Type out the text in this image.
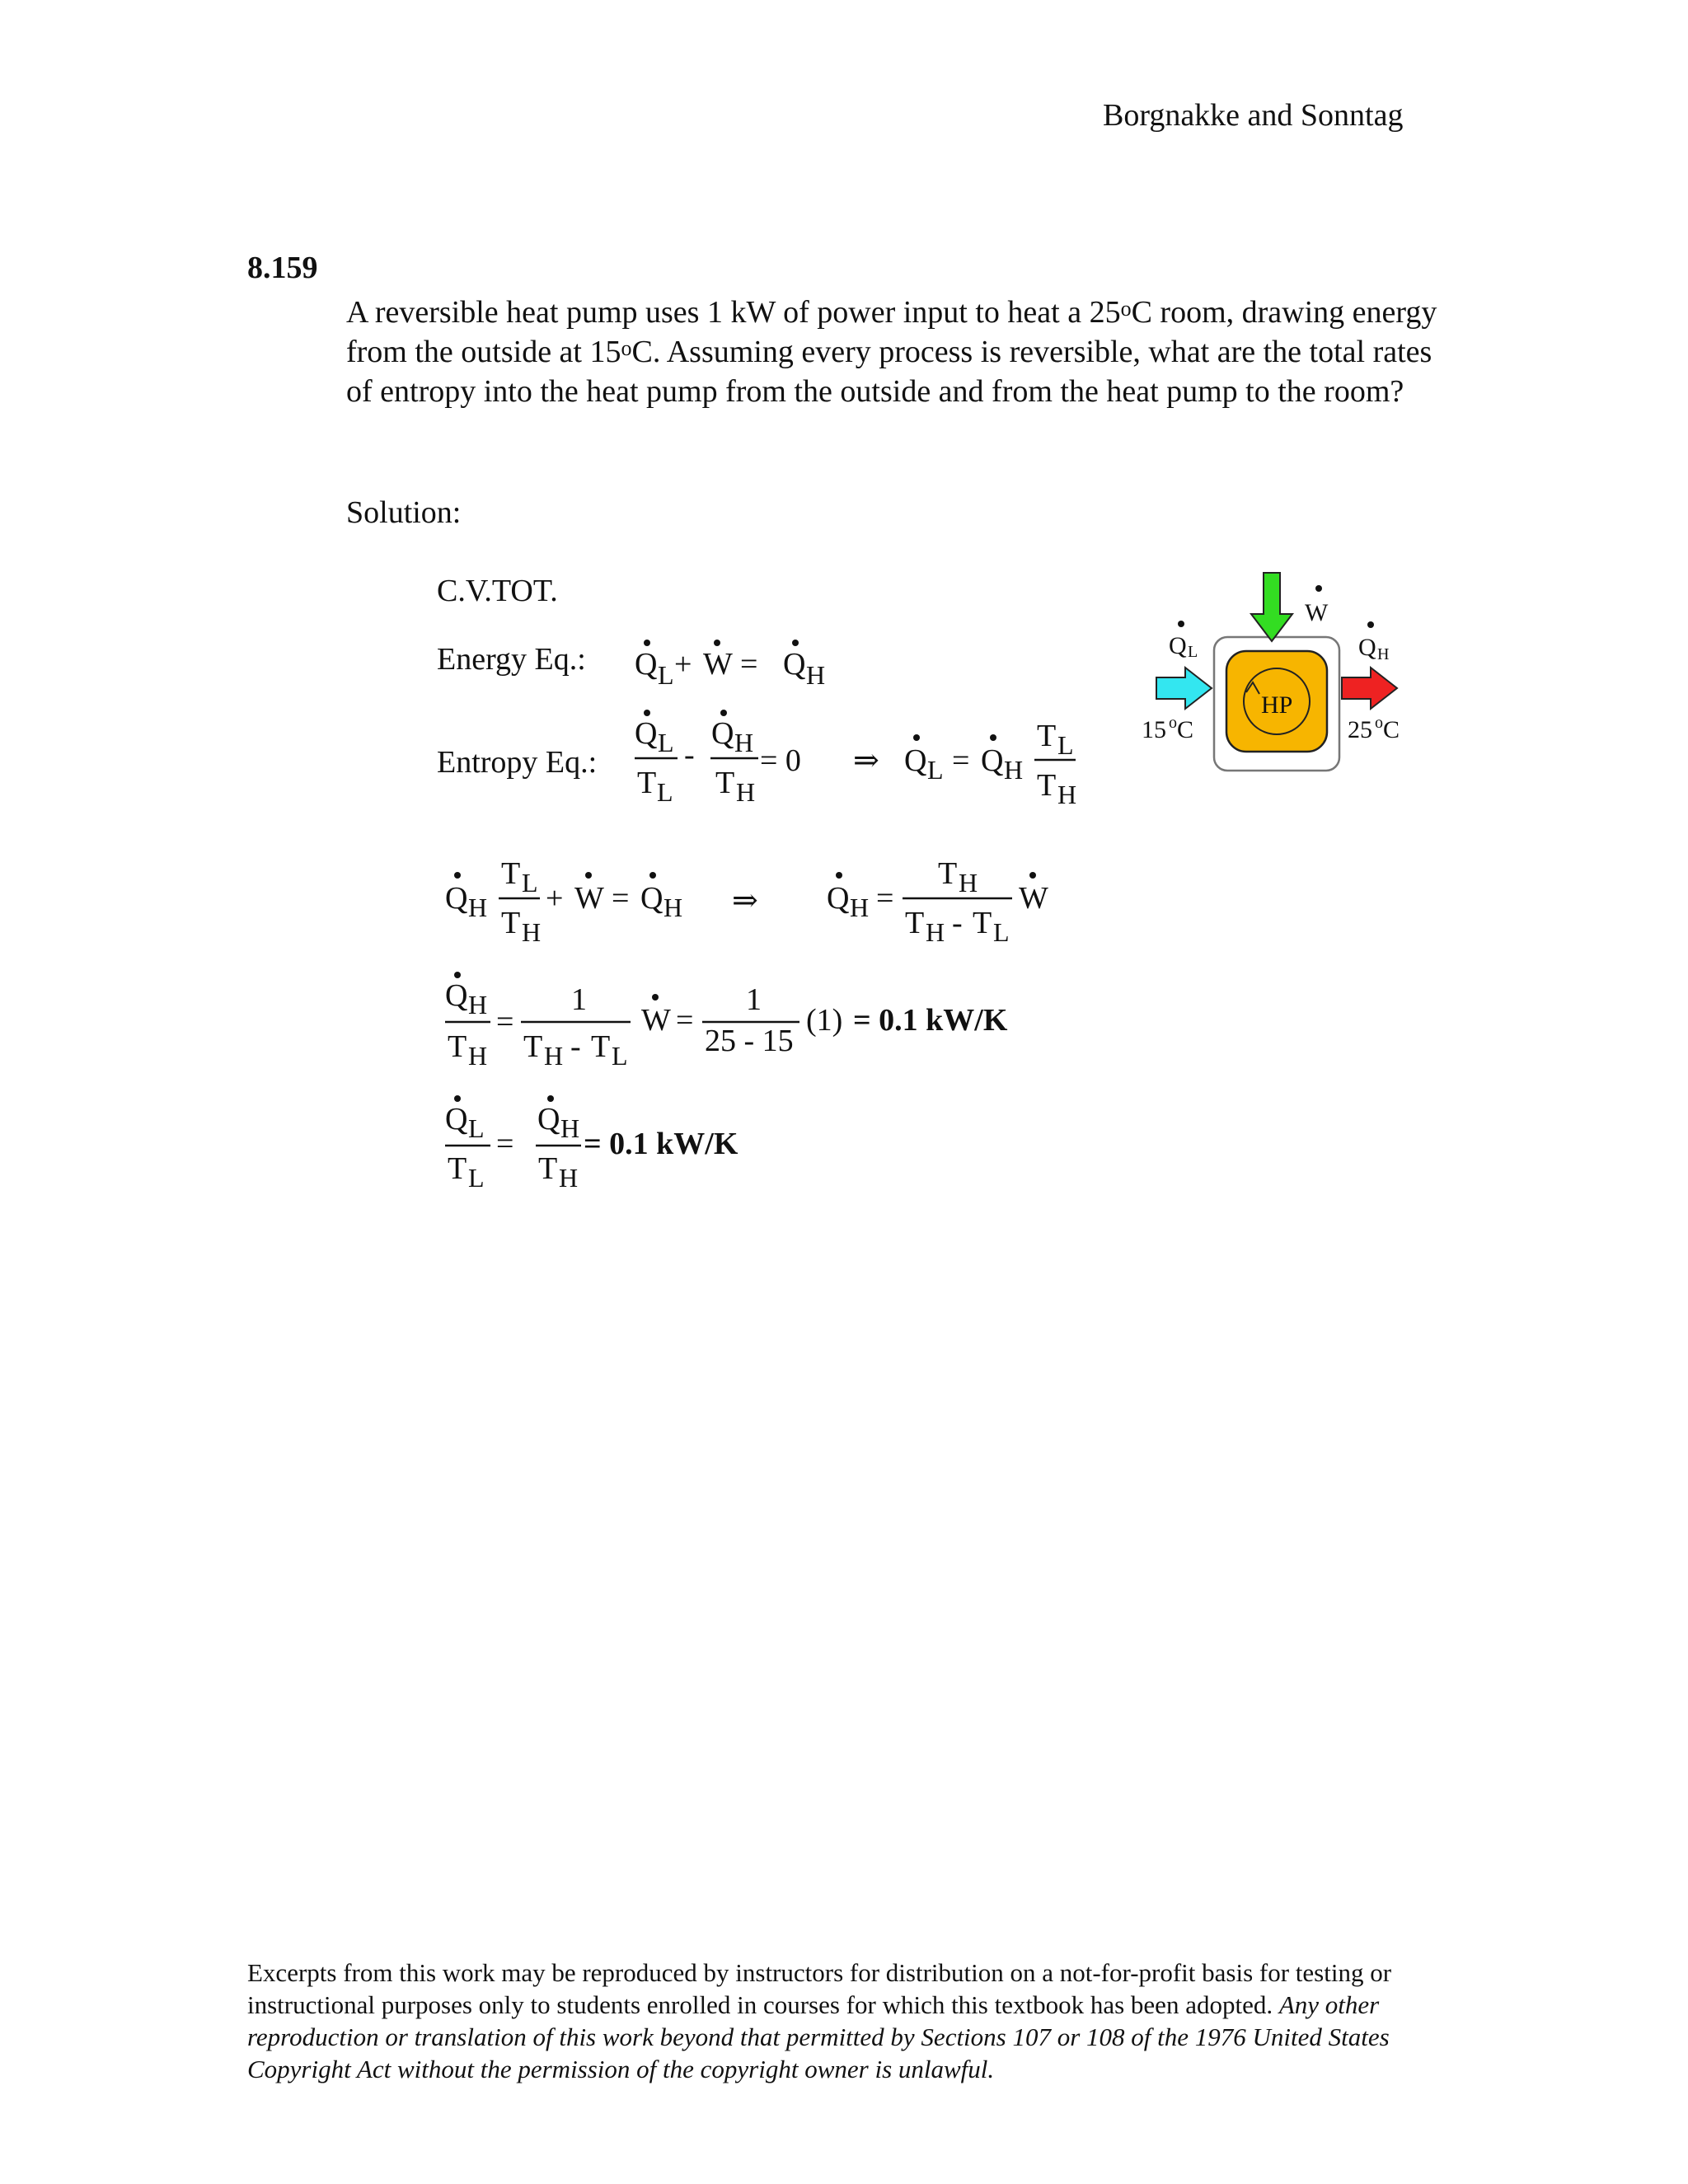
Borgnakke and Sonntag
8.159
A reversible heat pump uses 1 kW of power input to heat a 25$^o$C room, drawing energy from the outside at 15$^o$C. Assuming every process is reversible, what are the total rates of entropy into the heat pump from the outside and from the heat pump to the room?
Solution:
C.V.TOT.
Energy Eq.:
Entropy Eq.:
Q L + W = Q H
Q L
T L
-
Q H
T H
= 0 ⇒ Q L = Q H
T L
T H
Q H
T L
T H
+ W = Q H ⇒ Q H =
T H
T H - T L
W
Q H
T H
=
1
T H - T L
W =
1
25 - 15
(1) = 0.1 kW/K
Q L
T L
=
Q H
T H
= 0.1 kW/K
HP
W
Q L
15 o C
Q H
25 o C
Excerpts from this work may be reproduced by instructors for distribution on a not-for-profit basis for testing or instructional purposes only to students enrolled in courses for which this textbook has been adopted. Any other reproduction or translation of this work beyond that permitted by Sections 107 or 108 of the 1976 United States Copyright Act without the permission of the copyright owner is unlawful.
